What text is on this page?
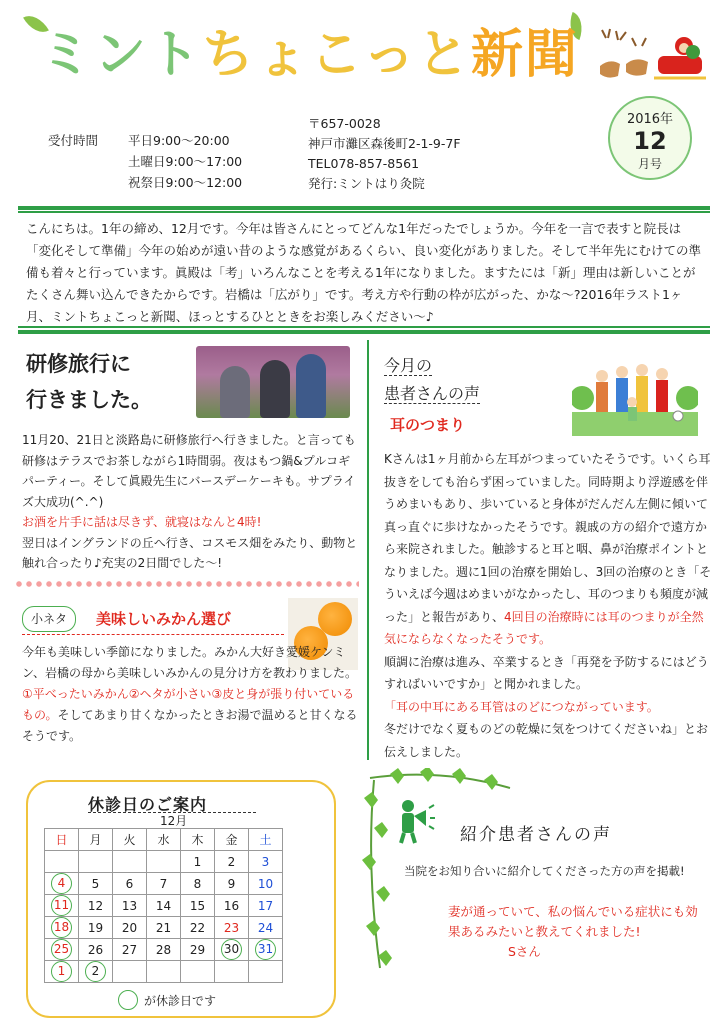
ミントちょこっと新聞
受付時間	平日 9:00〜20:00
土曜日 9:00〜17:00
祝祭日 9:00〜12:00
〒657-0028
神戸市灘区森後町2-1-9-7F
TEL078-857-8561
発行:ミントはり灸院
2016年
12
月号
こんにちは。1年の締め、12月です。今年は皆さんにとってどんな1年だったでしょうか。今年を一言で表すと院長は「変化そして準備」今年の始めが遠い昔のような感覚があるくらい、良い変化がありました。そして半年先にむけての準備も着々と行っています。眞殿は「考」いろんなことを考える1年になりました。ますたには「新」理由は新しいことがたくさん舞い込んできたからです。岩橋は「広がり」です。考え方や行動の枠が広がった、かな〜?2016年ラスト1ヶ月、ミントちょこっと新聞、ほっとするひとときをお楽しみください〜♪
研修旅行に
行きました。
11月20、21日と淡路島に研修旅行へ行きました。と言っても研修はテラスでお茶しながら1時間弱。夜はもつ鍋&プルコギパーティー。そして眞殿先生にバースデーケーキも。サプライズ大成功(^.^)
お酒を片手に話は尽きず、就寝はなんと4時!
翌日はイングランドの丘へ行き、コスモス畑をみたり、動物と触れ合ったり♪充実の2日間でした〜!
小ネタ	美味しいみかん選び
今年も美味しい季節になりました。みかん大好き愛媛ケンミン、岩橋の母から美味しいみかんの見分け方を教わりました。
①平べったいみかん②ヘタが小さい③皮と身が張り付いているもの。そしてあまり甘くなかったときお湯で温めると甘くなるそうです。
休診日のご案内
12月
日	月	火	水	木	金	土
				1	2	3
4	5	6	7	8	9	10
11	12	13	14	15	16	17
18	19	20	21	22	23	24
25	26	27	28	29	30	31
1	2					
が休診日です
今月の
患者さんの声
耳のつまり
Kさんは1ヶ月前から左耳がつまっていたそうです。いくら耳抜きをしても治らず困っていました。同時期より浮遊感を伴うめまいもあり、歩いていると身体がだんだん左側に傾いて真っ直ぐに歩けなかったそうです。親戚の方の紹介で遠方から来院されました。触診すると耳と咽、鼻が治療ポイントとなりました。週に1回の治療を開始し、3回の治療のとき「そういえば今週はめまいがなかったし、耳のつまりも頻度が減った」と報告があり、4回目の治療時には耳のつまりが全然気にならなくなったそうです。
順調に治療は進み、卒業するとき「再発を予防するにはどうすればいいですか」と聞かれました。
「耳の中耳にある耳管はのどにつながっています。
冬だけでなく夏ものどの乾燥に気をつけてくださいね」とお伝えしました。
紹介患者さんの声
当院をお知り合いに紹介してくださった方の声を掲載!
妻が通っていて、私の悩んでいる症状にも効果あるみたいと教えてくれました! Sさん
